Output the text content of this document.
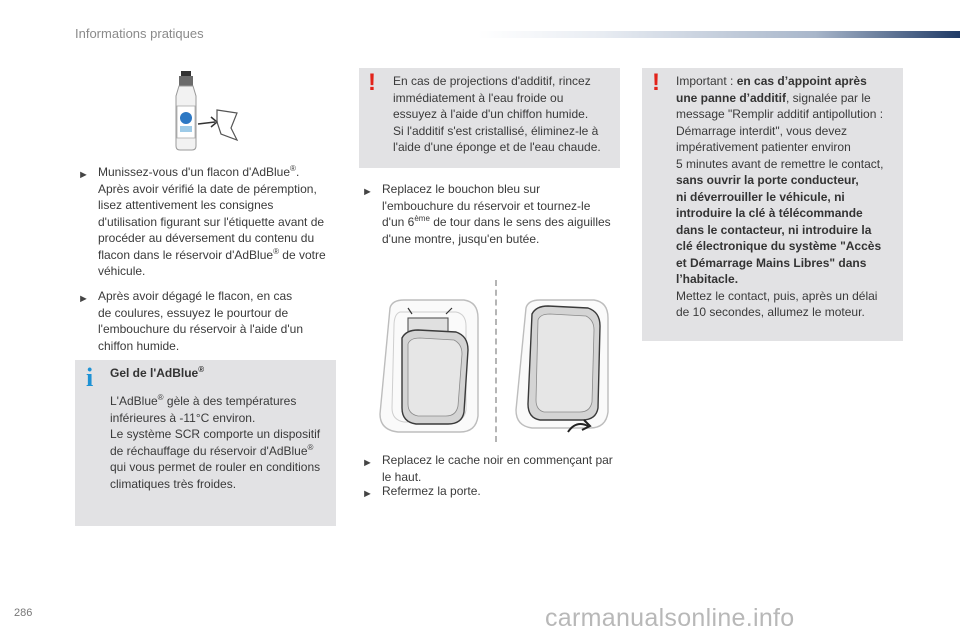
Informations pratiques
► Munissez-vous d'un flacon d'AdBlue®.
Après avoir vérifié la date de péremption,
lisez attentivement les consignes
d'utilisation figurant sur l'étiquette avant de
procéder au déversement du contenu du
flacon dans le réservoir d'AdBlue® de votre
véhicule.
► Après avoir dégagé le flacon, en cas
de coulures, essuyez le pourtour de
l'embouchure du réservoir à l'aide d'un
chiffon humide.
i Gel de l'AdBlue®
L'AdBlue® gèle à des températures
inférieures à -11°C environ.
Le système SCR comporte un dispositif
de réchauffage du réservoir d'AdBlue®
qui vous permet de rouler en conditions
climatiques très froides.
! En cas de projections d'additif, rincez
immédiatement à l'eau froide ou
essuyez à l'aide d'un chiffon humide.
Si l'additif s'est cristallisé, éliminez-le à
l'aide d'une éponge et de l'eau chaude.
► Replacez le bouchon bleu sur
l'embouchure du réservoir et tournez-le
d'un 6ème de tour dans le sens des aiguilles
d'une montre, jusqu'en butée.
► Replacez le cache noir en commençant par
le haut.
► Refermez la porte.
! Important : en cas d’appoint après
une panne d’additif, signalée par le
message "Remplir additif antipollution :
Démarrage interdit", vous devez
impérativement patienter environ
5 minutes avant de remettre le contact,
sans ouvrir la porte conducteur,
ni déverrouiller le véhicule, ni
introduire la clé à télécommande
dans le contacteur, ni introduire la
clé électronique du système "Accès
et Démarrage Mains Libres" dans
l’habitacle.
Mettez le contact, puis, après un délai
de 10 secondes, allumez le moteur.
286	carmanualsonline.info
